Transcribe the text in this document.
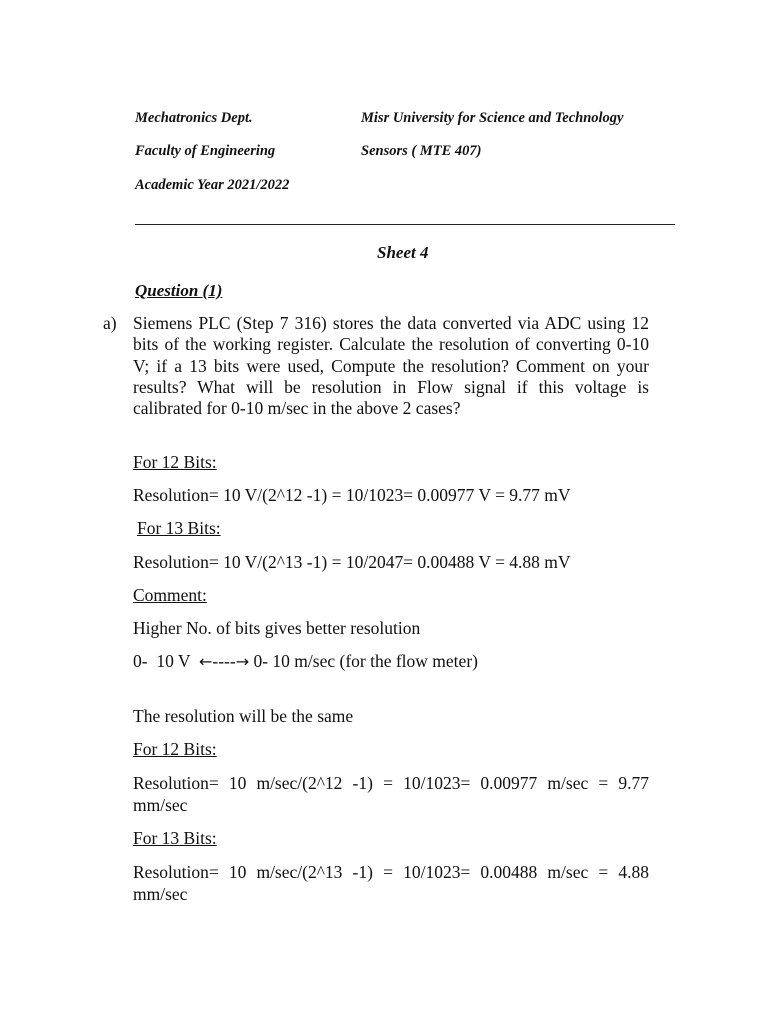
Mechatronics Dept.	Misr University for Science and Technology
Faculty of Engineering	Sensors ( MTE 407)
Academic Year 2021/2022
Sheet 4
Question (1)
a) Siemens PLC (Step 7 316) stores the data converted via ADC using 12 bits of the working register. Calculate the resolution of converting 0-10 V; if a 13 bits were used, Compute the resolution? Comment on your results? What will be resolution in Flow signal if this voltage is calibrated for 0-10 m/sec in the above 2 cases?
For 12 Bits:
Resolution= 10 V/(2^12 -1) = 10/1023= 0.00977 V = 9.77 mV
For 13 Bits:
Resolution= 10 V/(2^13 -1) = 10/2047= 0.00488 V = 4.88 mV
Comment:
Higher No. of bits gives better resolution
0-  10 V  ←----→ 0- 10 m/sec (for the flow meter)
The resolution will be the same
For 12 Bits:
Resolution= 10 m/sec/(2^12 -1) = 10/1023= 0.00977 m/sec = 9.77 mm/sec
For 13 Bits:
Resolution= 10 m/sec/(2^13 -1) = 10/1023= 0.00488 m/sec = 4.88 mm/sec
